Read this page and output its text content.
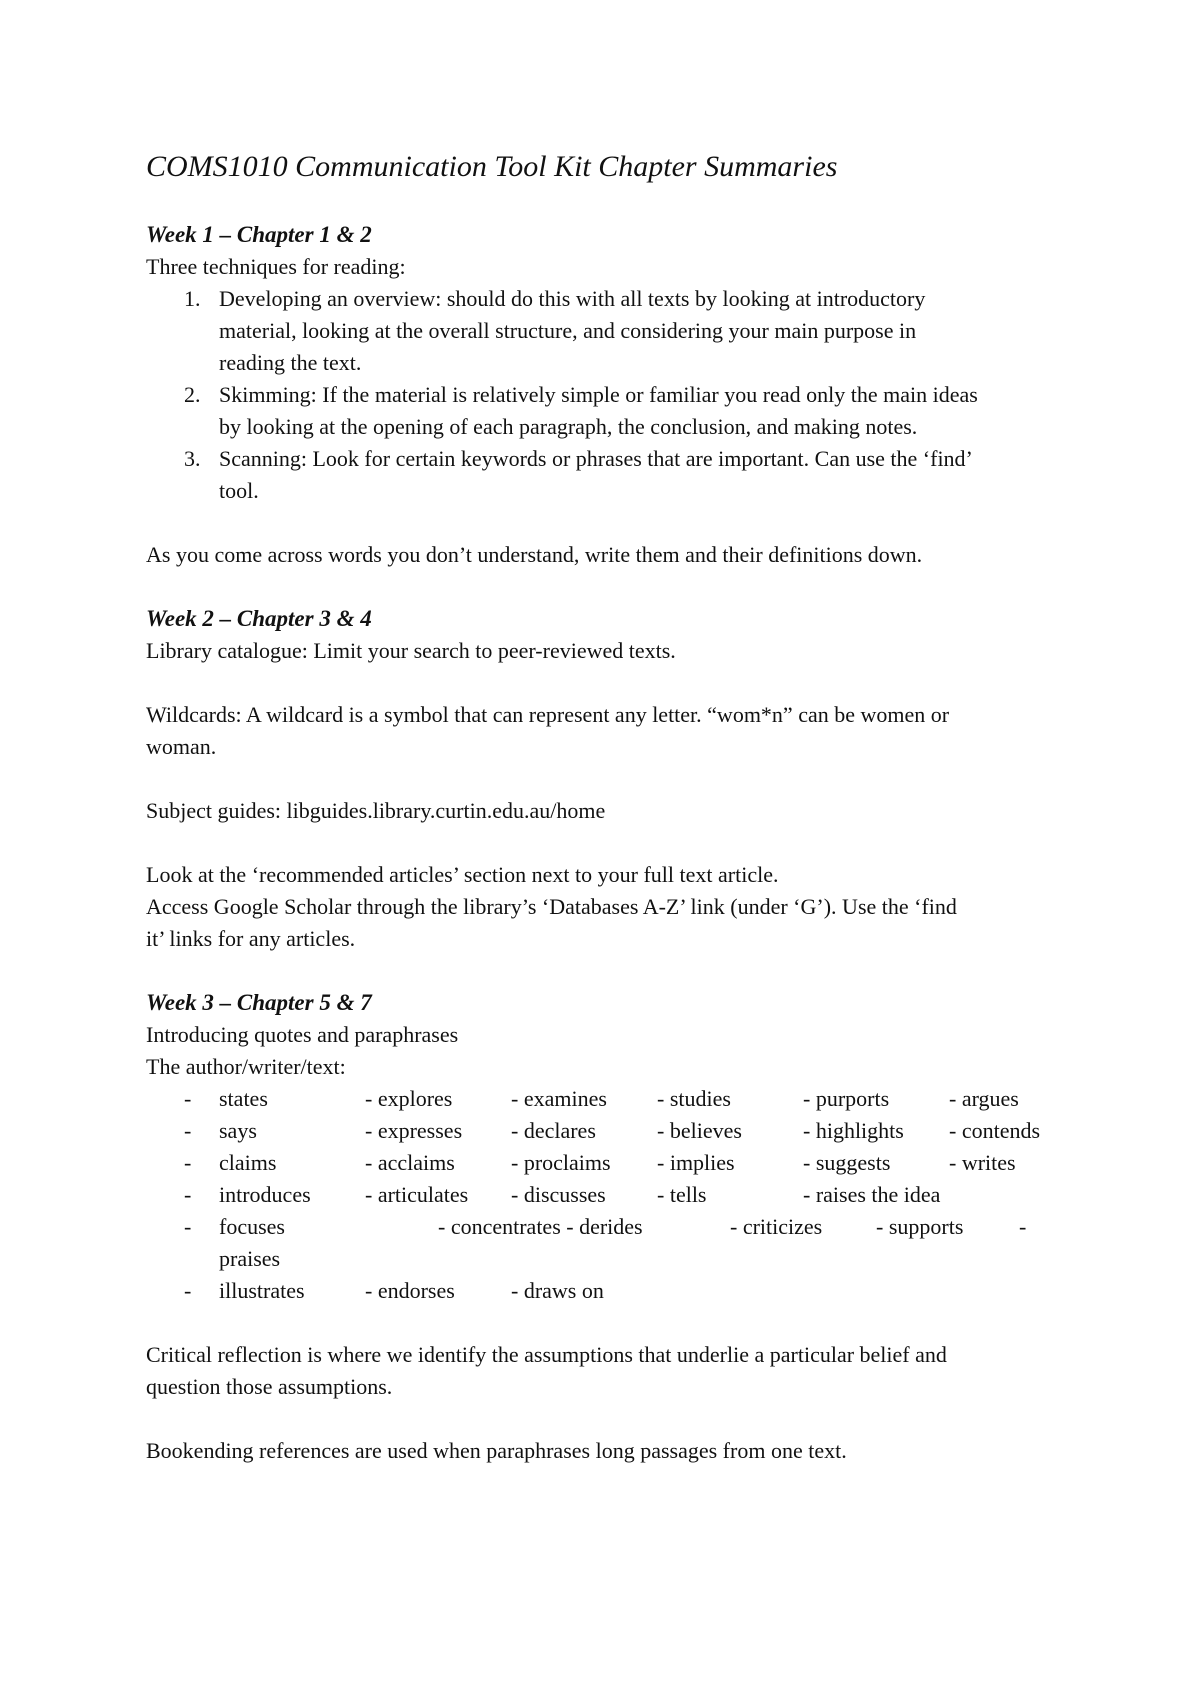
COMS1010 Communication Tool Kit Chapter Summaries
Week 1 – Chapter 1 & 2

Three techniques for reading:

1. Developing an overview: should do this with all texts by looking at introductory
material, looking at the overall structure, and considering your main purpose in
reading the text.
2. Skimming: If the material is relatively simple or familiar you read only the main ideas
by looking at the opening of each paragraph, the conclusion, and making notes.
3. Scanning: Look for certain keywords or phrases that are important. Can use the ‘find’
tool.

As you come across words you don’t understand, write them and their definitions down.

Week 2 – Chapter 3 & 4

Library catalogue: Limit your search to peer-reviewed texts.

Wildcards: A wildcard is a symbol that can represent any letter. “wom*n” can be women or

woman.

Subject guides: libguides.library.curtin.edu.au/home

Look at the ‘recommended articles’ section next to your full text article.

Access Google Scholar through the library’s ‘Databases A-Z’ link (under ‘G’). Use the ‘find

it’ links for any articles.

Week 3 – Chapter 5 & 7

Introducing quotes and paraphrases

The author/writer/text:

- states	- explores	- examines - studies	- purports	- argues
- says	- expresses - declares	- believes	- highlights - contends
- claims	- acclaims	- proclaims - implies	- suggests	- writes
- introduces - articulates - discusses - tells	- raises the idea
- focuses	- concentrates - derides	- criticizes - supports	-
praises
- illustrates	- endorses	- draws on

Critical reflection is where we identify the assumptions that underlie a particular belief and

question those assumptions.

Bookending references are used when paraphrases long passages from one text.
